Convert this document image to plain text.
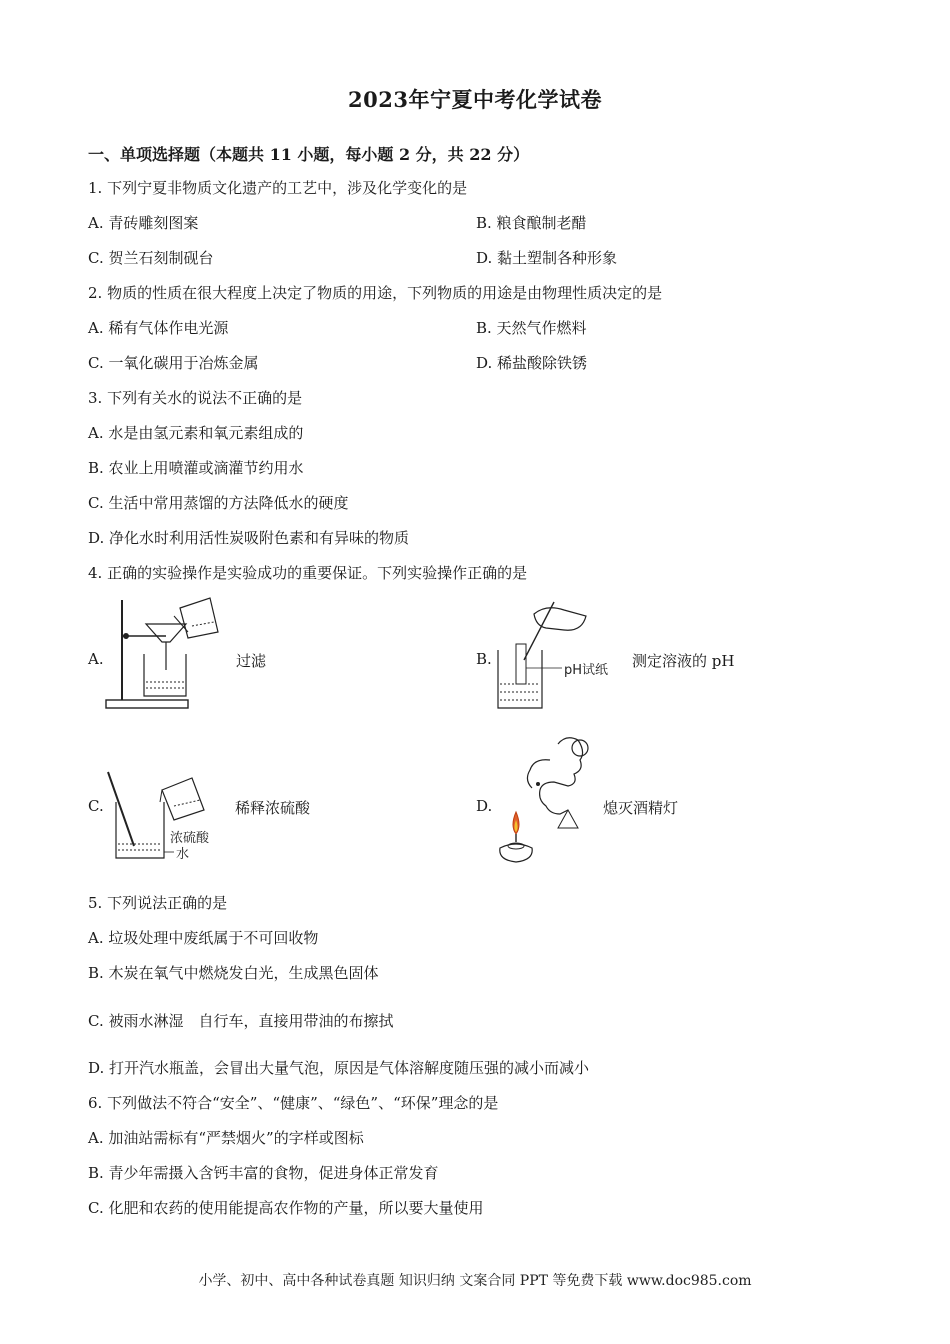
2023年宁夏中考化学试卷
一、单项选择题（本题共 11 小题，每小题 2 分，共 22 分）
1. 下列宁夏非物质文化遗产的工艺中，涉及化学变化的是
A. 青砖雕刻图案	B. 粮食酿制老醋
C. 贺兰石刻制砚台	D. 黏土塑制各种形象
2. 物质的性质在很大程度上决定了物质的用途，下列物质的用途是由物理性质决定的是
A. 稀有气体作电光源	B. 天然气作燃料
C. 一氧化碳用于冶炼金属	D. 稀盐酸除铁锈
3. 下列有关水的说法不正确的是
A. 水是由氢元素和氧元素组成的
B. 农业上用喷灌或滴灌节约用水
C. 生活中常用蒸馏的方法降低水的硬度
D. 净化水时利用活性炭吸附色素和有异味的物质
4. 正确的实验操作是实验成功的重要保证。下列实验操作正确的是
A.	过滤	B.
pH试纸
测定溶液的 pH
C.
浓硫酸
水
稀释浓硫酸	D.	熄灭酒精灯
5. 下列说法正确的是
A. 垃圾处理中废纸属于不可回收物
B. 木炭在氧气中燃烧发白光，生成黑色固体
C. 被雨水淋湿　自行车，直接用带油的布擦拭
D. 打开汽水瓶盖，会冒出大量气泡，原因是气体溶解度随压强的减小而减小
6. 下列做法不符合“安全”、“健康”、“绿色”、“环保”理念的是
A. 加油站需标有“严禁烟火”的字样或图标
B. 青少年需摄入含钙丰富的食物，促进身体正常发育
C. 化肥和农药的使用能提高农作物的产量，所以要大量使用
小学、初中、高中各种试卷真题 知识归纳 文案合同 PPT 等免费下载 www.doc985.com
